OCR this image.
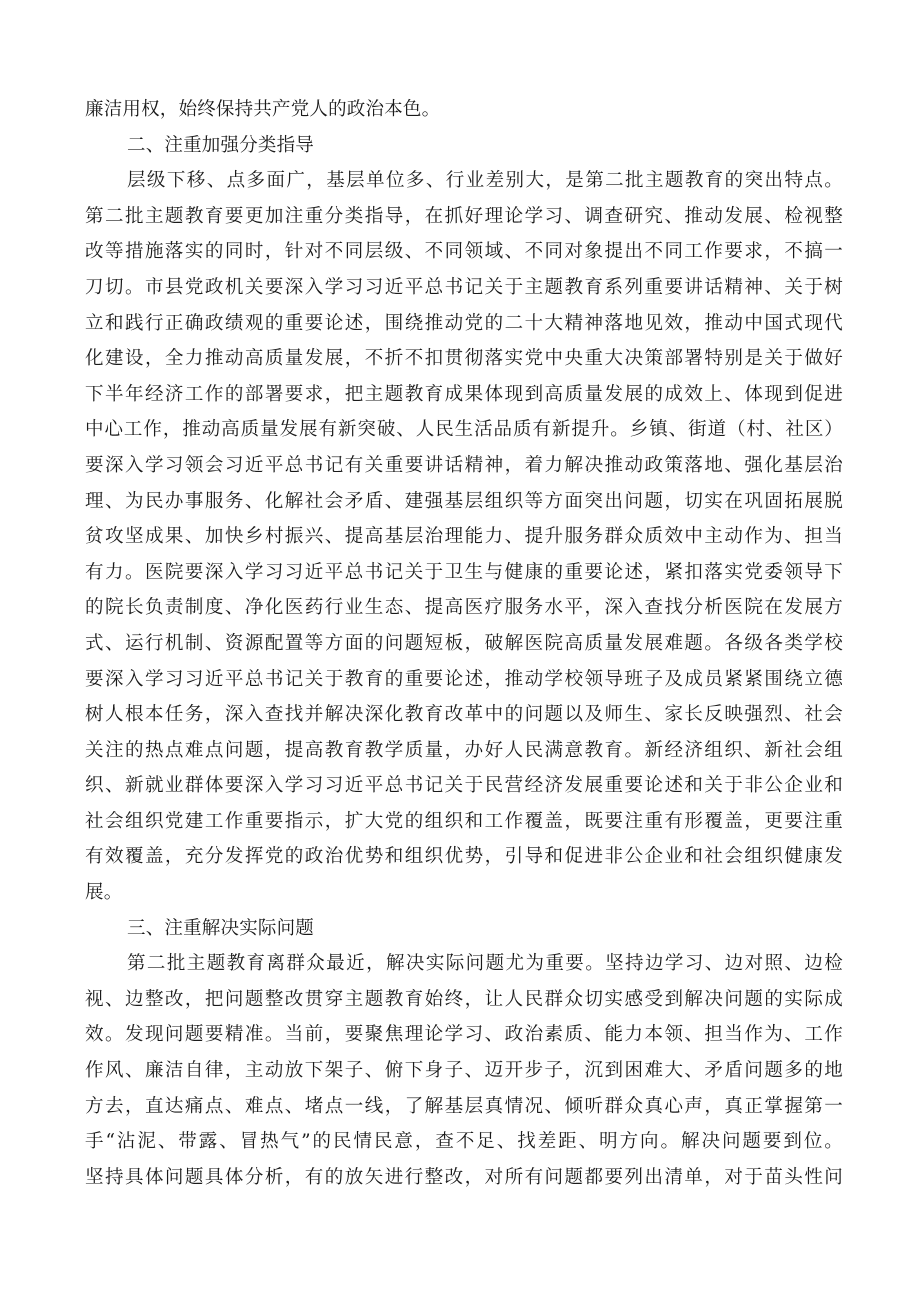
廉洁用权，始终保持共产党人的政治本色。
二、注重加强分类指导
层级下移、点多面广，基层单位多、行业差别大，是第二批主题教育的突出特点。
第二批主题教育要更加注重分类指导，在抓好理论学习、调查研究、推动发展、检视整
改等措施落实的同时，针对不同层级、不同领域、不同对象提出不同工作要求，不搞一
刀切。市县党政机关要深入学习习近平总书记关于主题教育系列重要讲话精神、关于树
立和践行正确政绩观的重要论述，围绕推动党的二十大精神落地见效，推动中国式现代
化建设，全力推动高质量发展，不折不扣贯彻落实党中央重大决策部署特别是关于做好
下半年经济工作的部署要求，把主题教育成果体现到高质量发展的成效上、体现到促进
中心工作，推动高质量发展有新突破、人民生活品质有新提升。乡镇、街道（村、社区）
要深入学习领会习近平总书记有关重要讲话精神，着力解决推动政策落地、强化基层治
理、为民办事服务、化解社会矛盾、建强基层组织等方面突出问题，切实在巩固拓展脱
贫攻坚成果、加快乡村振兴、提高基层治理能力、提升服务群众质效中主动作为、担当
有力。医院要深入学习习近平总书记关于卫生与健康的重要论述，紧扣落实党委领导下
的院长负责制度、净化医药行业生态、提高医疗服务水平，深入查找分析医院在发展方
式、运行机制、资源配置等方面的问题短板，破解医院高质量发展难题。各级各类学校
要深入学习习近平总书记关于教育的重要论述，推动学校领导班子及成员紧紧围绕立德
树人根本任务，深入查找并解决深化教育改革中的问题以及师生、家长反映强烈、社会
关注的热点难点问题，提高教育教学质量，办好人民满意教育。新经济组织、新社会组
织、新就业群体要深入学习习近平总书记关于民营经济发展重要论述和关于非公企业和
社会组织党建工作重要指示，扩大党的组织和工作覆盖，既要注重有形覆盖，更要注重
有效覆盖，充分发挥党的政治优势和组织优势，引导和促进非公企业和社会组织健康发
展。
三、注重解决实际问题
第二批主题教育离群众最近，解决实际问题尤为重要。坚持边学习、边对照、边检
视、边整改，把问题整改贯穿主题教育始终，让人民群众切实感受到解决问题的实际成
效。发现问题要精准。当前，要聚焦理论学习、政治素质、能力本领、担当作为、工作
作风、廉洁自律，主动放下架子、俯下身子、迈开步子，沉到困难大、矛盾问题多的地
方去，直达痛点、难点、堵点一线，了解基层真情况、倾听群众真心声，真正掌握第一
手“沾泥、带露、冒热气”的民情民意，查不足、找差距、明方向。解决问题要到位。
坚持具体问题具体分析，有的放矢进行整改，对所有问题都要列出清单，对于苗头性问
